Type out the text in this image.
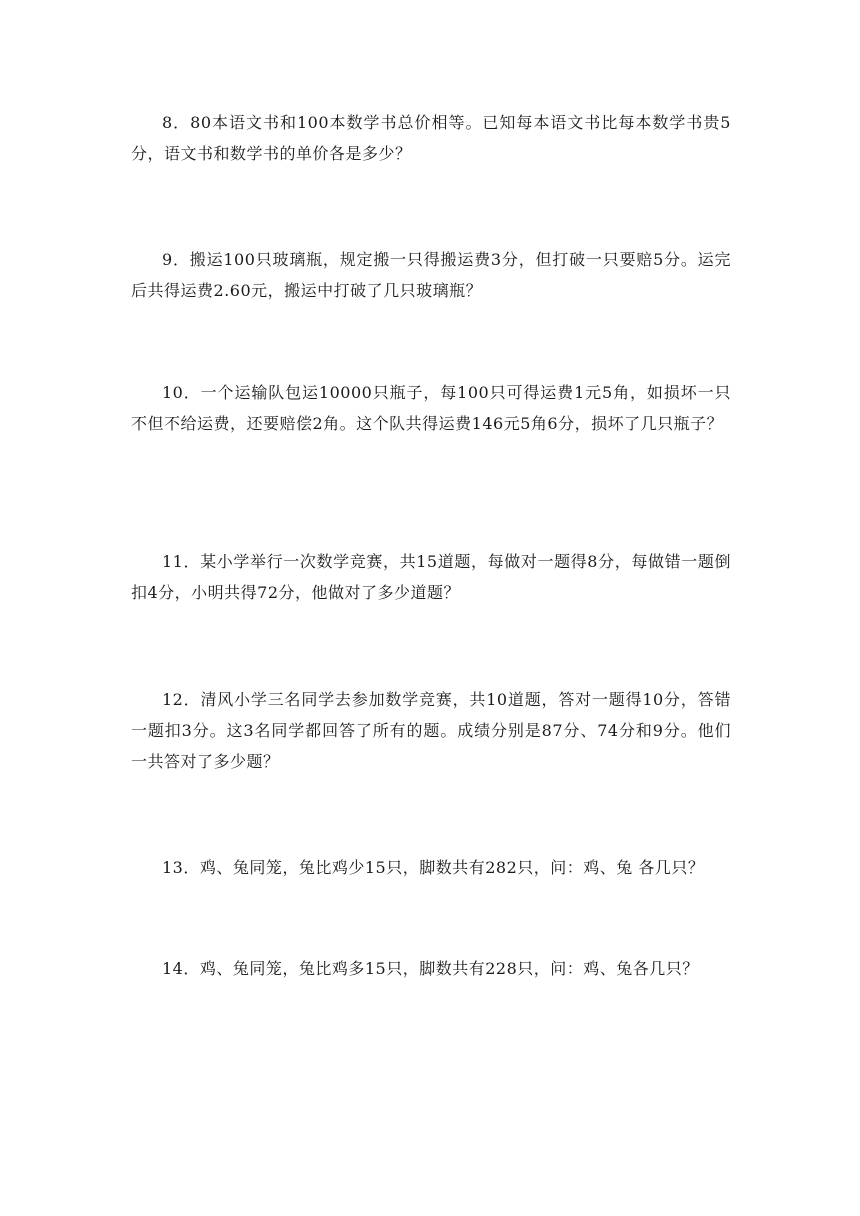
8．80本语文书和100本数学书总价相等。已知每本语文书比每本数学书贵5分，语文书和数学书的单价各是多少？

9．搬运100只玻璃瓶，规定搬一只得搬运费3分，但打破一只要赔5分。运完后共得运费2.60元，搬运中打破了几只玻璃瓶？

10．一个运输队包运10000只瓶子，每100只可得运费1元5角，如损坏一只不但不给运费，还要赔偿2角。这个队共得运费146元5角6分，损坏了几只瓶子？

11．某小学举行一次数学竞赛，共15道题，每做对一题得8分，每做错一题倒扣4分，小明共得72分，他做对了多少道题？

12．清风小学三名同学去参加数学竞赛，共10道题，答对一题得10分，答错一题扣3分。这3名同学都回答了所有的题。成绩分别是87分、74分和9分。他们一共答对了多少题？

13．鸡、兔同笼，兔比鸡少15只，脚数共有282只，问：鸡、兔 各几只？

14．鸡、兔同笼，兔比鸡多15只，脚数共有228只，问：鸡、兔各几只？
